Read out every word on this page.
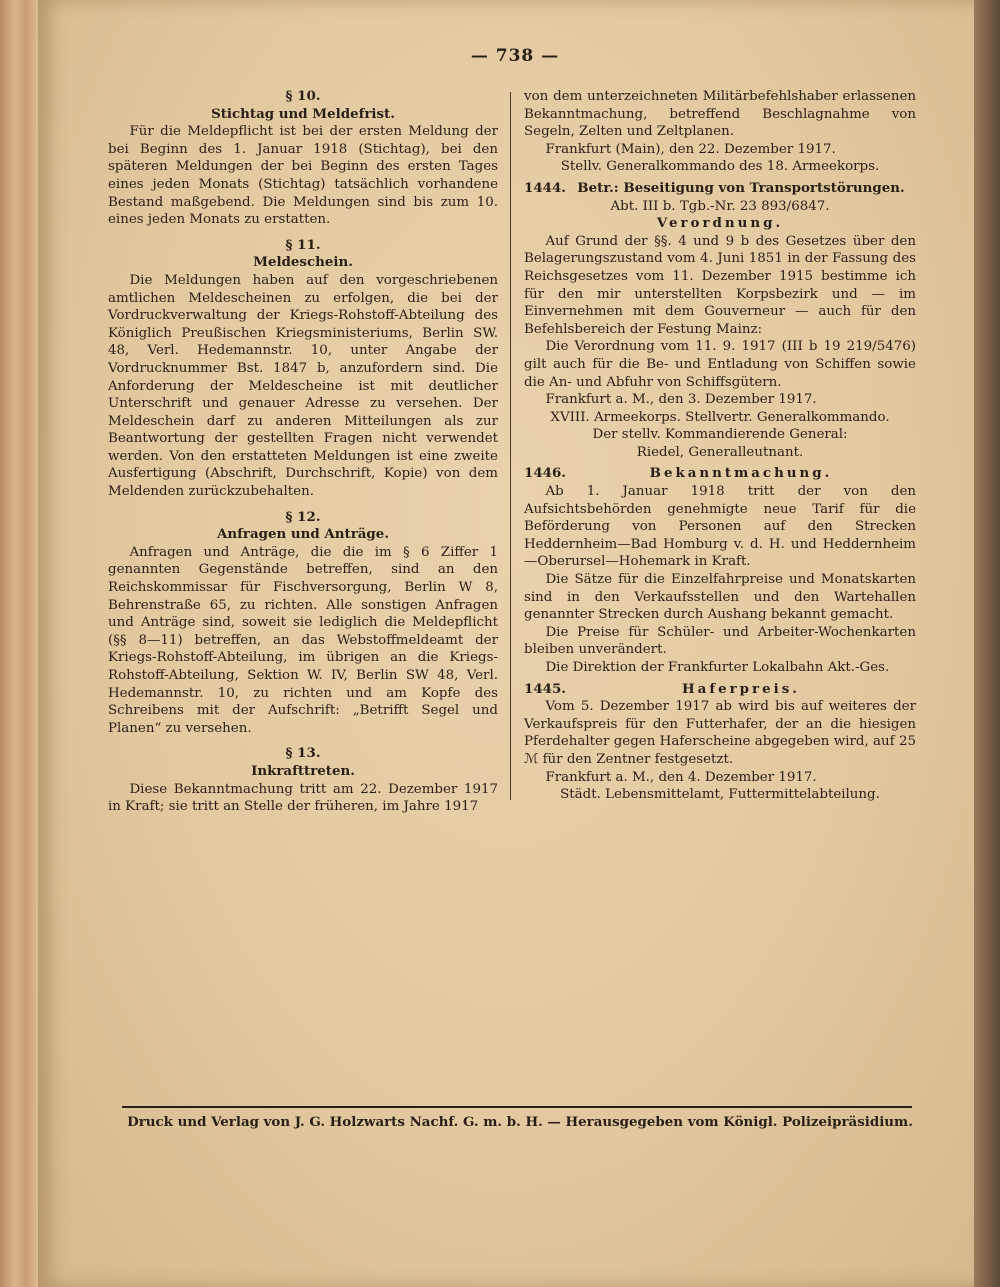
— 738 —

§ 10.

Stichtag und Meldefrist.

Für die Meldepflicht ist bei der ersten Meldung der bei Beginn des 1. Januar 1918 (Stichtag), bei den späteren Meldungen der bei Beginn des ersten Tages eines jeden Monats (Stichtag) tatsächlich vorhandene Bestand maßgebend. Die Meldungen sind bis zum 10. eines jeden Monats zu erstatten.

§ 11.

Meldeschein.

Die Meldungen haben auf den vorgeschriebenen amtlichen Meldescheinen zu erfolgen, die bei der Vordruckverwaltung der Kriegs-Rohstoff-Abteilung des Königlich Preußischen Kriegsministeriums, Berlin SW. 48, Verl. Hedemannstr. 10, unter Angabe der Vordrucknummer Bst. 1847 b, anzufordern sind. Die Anforderung der Meldescheine ist mit deutlicher Unterschrift und genauer Adresse zu versehen. Der Meldeschein darf zu anderen Mitteilungen als zur Beantwortung der gestellten Fragen nicht verwendet werden. Von den erstatteten Meldungen ist eine zweite Ausfertigung (Abschrift, Durchschrift, Kopie) von dem Meldenden zurückzubehalten.

§ 12.

Anfragen und Anträge.

Anfragen und Anträge, die die im § 6 Ziffer 1 genannten Gegenstände betreffen, sind an den Reichskommissar für Fischversorgung, Berlin W 8, Behrenstraße 65, zu richten. Alle sonstigen Anfragen und Anträge sind, soweit sie lediglich die Meldepflicht (§§ 8—11) betreffen, an das Webstoffmeldeamt der Kriegs-Rohstoff-Abteilung, im übrigen an die Kriegs-Rohstoff-Abteilung, Sektion W. IV, Berlin SW 48, Verl. Hedemannstr. 10, zu richten und am Kopfe des Schreibens mit der Aufschrift: „Betrifft Segel und Planen“ zu versehen.

§ 13.

Inkrafttreten.

Diese Bekanntmachung tritt am 22. Dezember 1917 in Kraft; sie tritt an Stelle der früheren, im Jahre 1917

von dem unterzeichneten Militärbefehlshaber erlassenen Bekanntmachung, betreffend Beschlagnahme von Segeln, Zelten und Zeltplanen.

Frankfurt (Main), den 22. Dezember 1917.

Stellv. Generalkommando des 18. Armeekorps.

1444. Betr.: Beseitigung von Transportstörungen.

Abt. III b. Tgb.-Nr. 23 893/6847.

Verordnung.

Auf Grund der §§. 4 und 9 b des Gesetzes über den Belagerungszustand vom 4. Juni 1851 in der Fassung des Reichsgesetzes vom 11. Dezember 1915 bestimme ich für den mir unterstellten Korpsbezirk und — im Einvernehmen mit dem Gouverneur — auch für den Befehlsbereich der Festung Mainz:

Die Verordnung vom 11. 9. 1917 (III b 19 219/5476) gilt auch für die Be- und Entladung von Schiffen sowie die An- und Abfuhr von Schiffsgütern.

Frankfurt a. M., den 3. Dezember 1917.

XVIII. Armeekorps. Stellvertr. Generalkommando.

Der stellv. Kommandierende General:

Riedel, Generalleutnant.

1446.	Bekanntmachung.

Ab 1. Januar 1918 tritt der von den Aufsichtsbehörden genehmigte neue Tarif für die Beförderung von Personen auf den Strecken Heddernheim—Bad Homburg v. d. H. und Heddernheim—Oberursel—Hohemark in Kraft.

Die Sätze für die Einzelfahrpreise und Monatskarten sind in den Verkaufsstellen und den Wartehallen genannter Strecken durch Aushang bekannt gemacht.

Die Preise für Schüler- und Arbeiter-Wochenkarten bleiben unverändert.

Die Direktion der Frankfurter Lokalbahn Akt.-Ges.

1445.	Haferpreis.

Vom 5. Dezember 1917 ab wird bis auf weiteres der Verkaufspreis für den Futterhafer, der an die hiesigen Pferdehalter gegen Haferscheine abgegeben wird, auf 25 ℳ für den Zentner festgesetzt.

Frankfurt a. M., den 4. Dezember 1917.

Städt. Lebensmittelamt, Futtermittelabteilung.

Druck und Verlag von J. G. Holzwarts Nachf. G. m. b. H. — Herausgegeben vom Königl. Polizeipräsidium.
